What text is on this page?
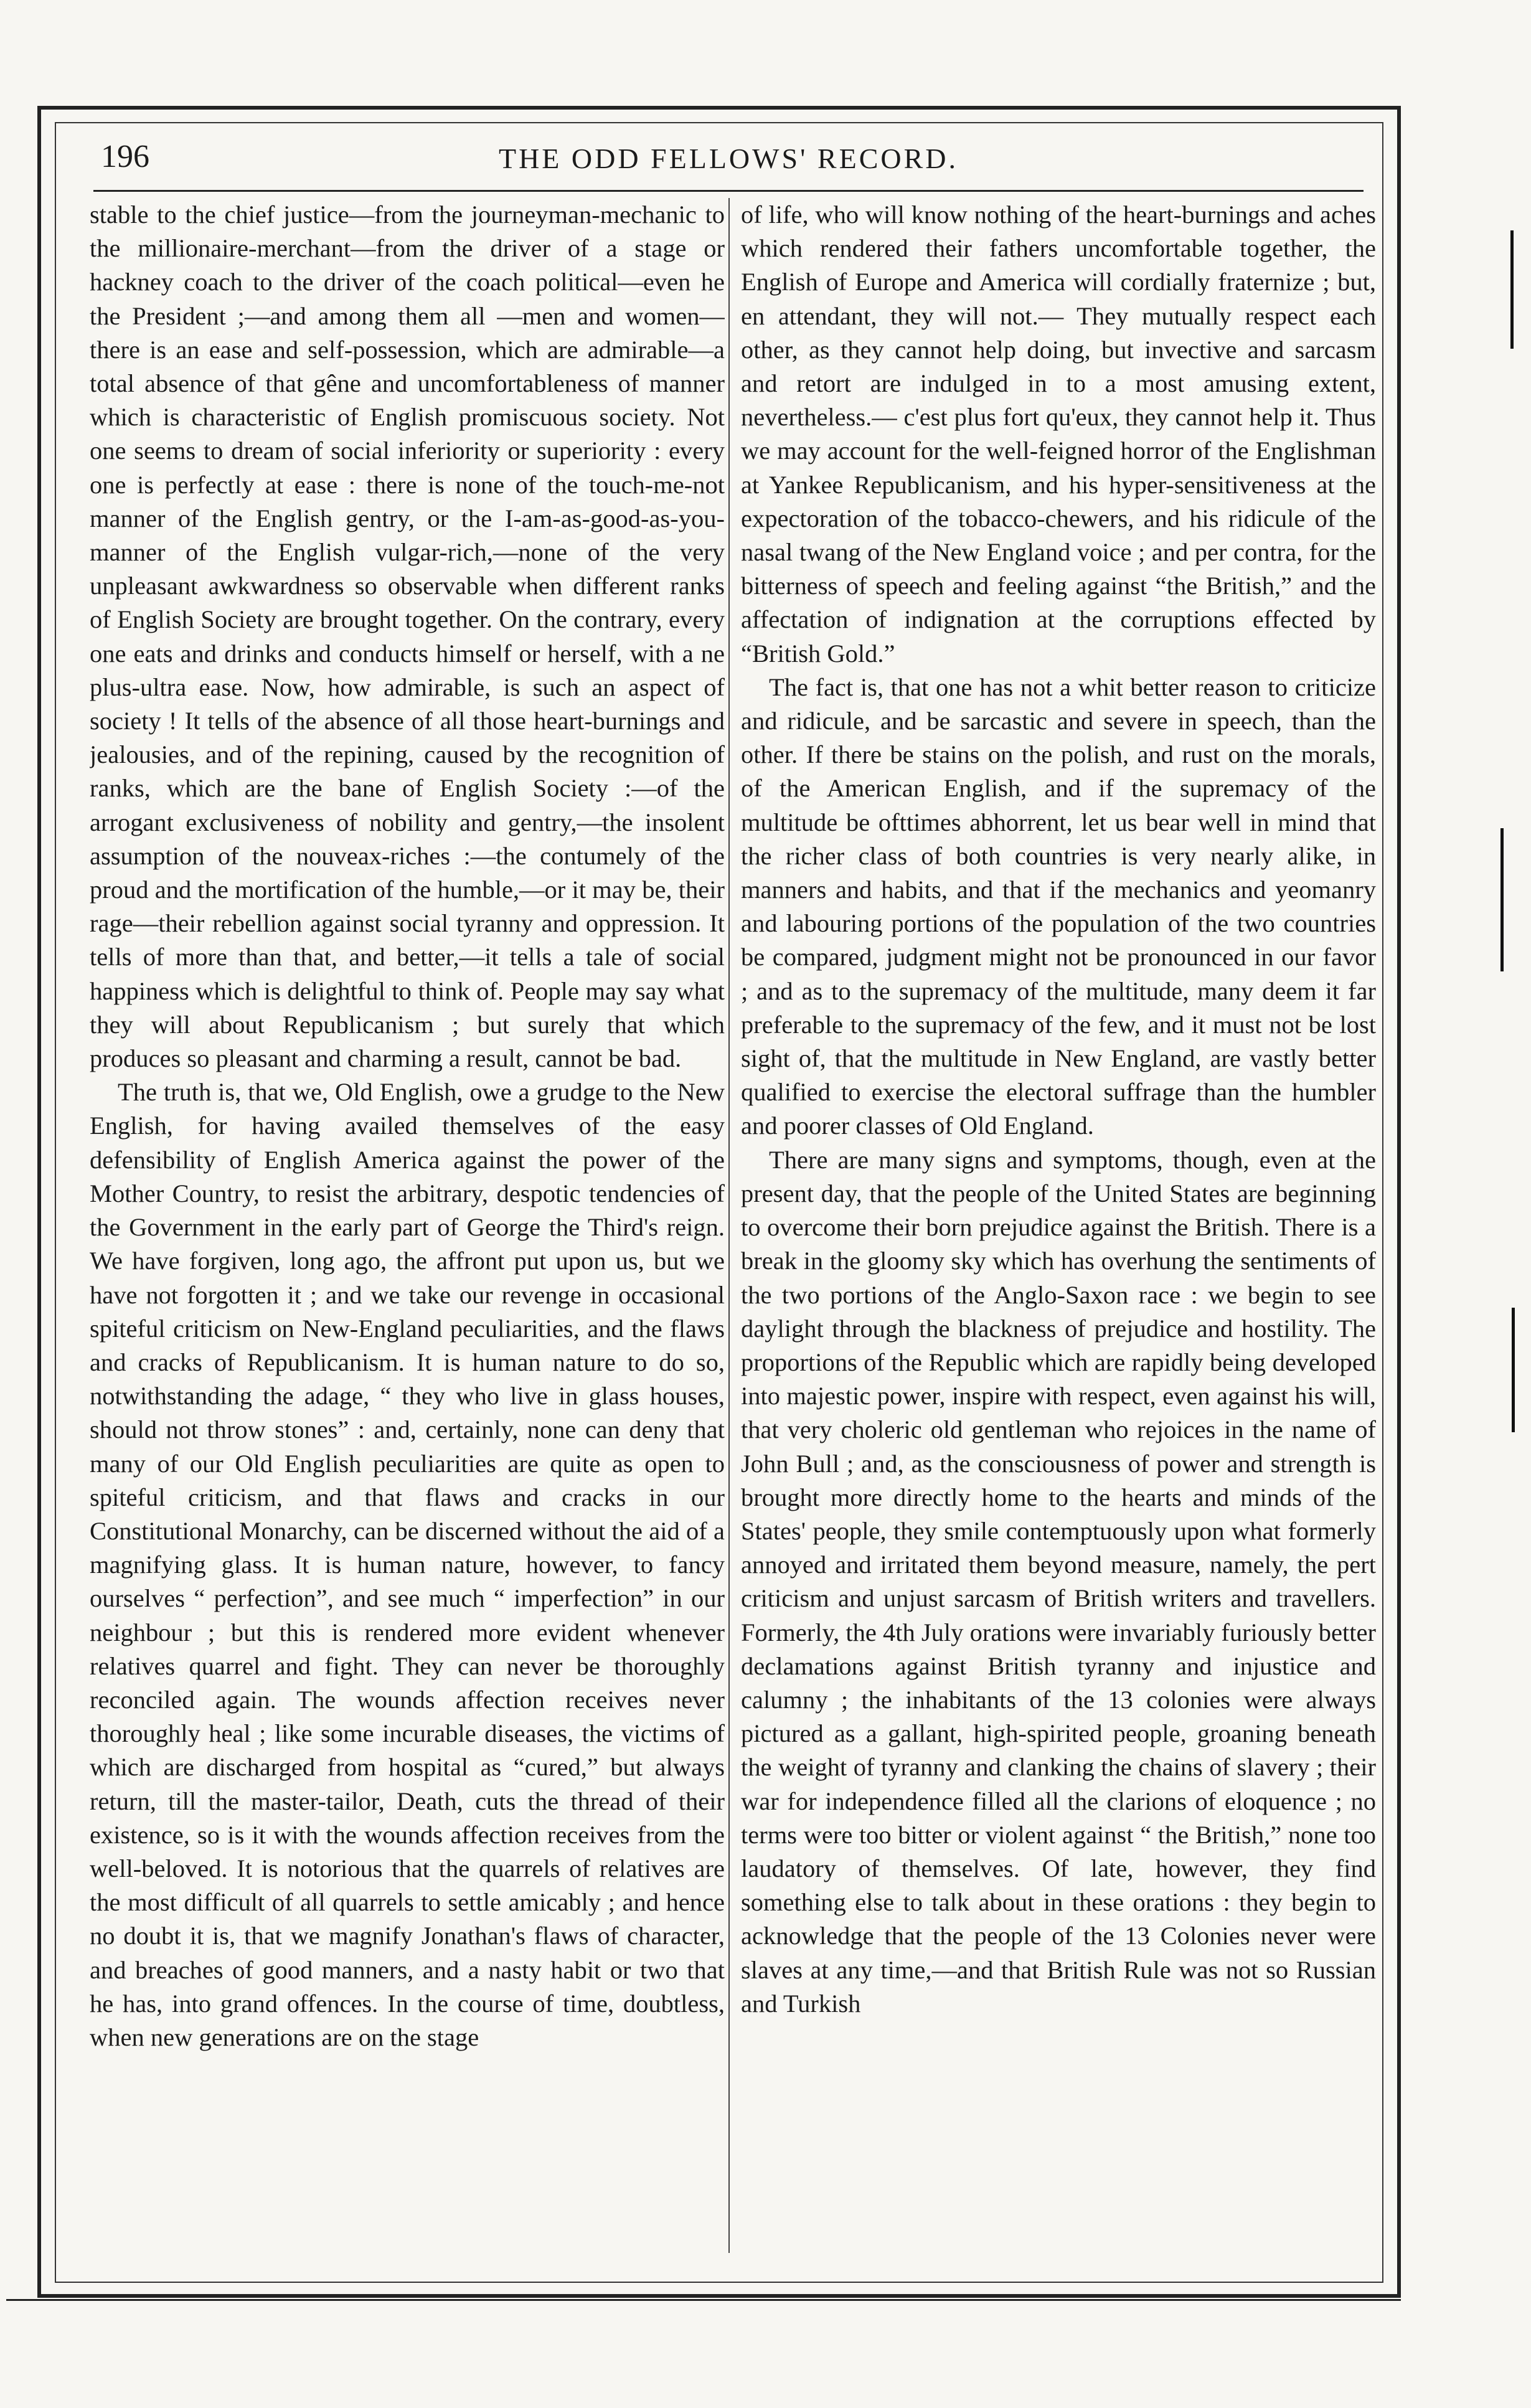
196	THE ODD FELLOWS' RECORD.

stable to the chief justice—from the journeyman-mechanic to the millionaire-merchant—from the driver of a stage or hackney coach to the driver of the coach political—even he the President ;—and among them all —men and women—there is an ease and self-possession, which are admirable—a total absence of that gêne and uncomfortableness of manner which is characteristic of English promiscuous society. Not one seems to dream of social inferiority or superiority : every one is perfectly at ease : there is none of the touch-me-not manner of the English gentry, or the I-am-as-good-as-you-manner of the English vulgar-rich,—none of the very unpleasant awkwardness so observable when different ranks of English Society are brought together. On the contrary, every one eats and drinks and conducts himself or herself, with a ne plus-ultra ease. Now, how admirable, is such an aspect of society ! It tells of the absence of all those heart-burnings and jealousies, and of the repining, caused by the recognition of ranks, which are the bane of English Society :—of the arrogant exclusiveness of nobility and gentry,—the insolent assumption of the nouveax-riches :—the contumely of the proud and the mortification of the humble,—or it may be, their rage—their rebellion against social tyranny and oppression. It tells of more than that, and better,—it tells a tale of social happiness which is delightful to think of. People may say what they will about Republicanism ; but surely that which produces so pleasant and charming a result, cannot be bad.

The truth is, that we, Old English, owe a grudge to the New English, for having availed themselves of the easy defensibility of English America against the power of the Mother Country, to resist the arbitrary, despotic tendencies of the Government in the early part of George the Third's reign. We have forgiven, long ago, the affront put upon us, but we have not forgotten it ; and we take our revenge in occasional spiteful criticism on New-England peculiarities, and the flaws and cracks of Republicanism. It is human nature to do so, notwithstanding the adage, “ they who live in glass houses, should not throw stones” : and, certainly, none can deny that many of our Old English peculiarities are quite as open to spiteful criticism, and that flaws and cracks in our Constitutional Monarchy, can be discerned without the aid of a magnifying glass. It is human nature, however, to fancy ourselves “ perfection”, and see much “ imperfection” in our neighbour ; but this is rendered more evident whenever relatives quarrel and fight. They can never be thoroughly reconciled again. The wounds affection receives never thoroughly heal ; like some incurable diseases, the victims of which are discharged from hospital as “cured,” but always return, till the master-tailor, Death, cuts the thread of their existence, so is it with the wounds affection receives from the well-beloved. It is notorious that the quarrels of relatives are the most difficult of all quarrels to settle amicably ; and hence no doubt it is, that we magnify Jonathan's flaws of character, and breaches of good manners, and a nasty habit or two that he has, into grand offences. In the course of time, doubtless, when new generations are on the stage

of life, who will know nothing of the heart-burnings and aches which rendered their fathers uncomfortable together, the English of Europe and America will cordially fraternize ; but, en attendant, they will not.— They mutually respect each other, as they cannot help doing, but invective and sarcasm and retort are indulged in to a most amusing extent, nevertheless.— c'est plus fort qu'eux, they cannot help it. Thus we may account for the well-feigned horror of the Englishman at Yankee Republicanism, and his hyper-sensitiveness at the expectoration of the tobacco-chewers, and his ridicule of the nasal twang of the New England voice ; and per contra, for the bitterness of speech and feeling against “the British,” and the affectation of indignation at the corruptions effected by “British Gold.”

The fact is, that one has not a whit better reason to criticize and ridicule, and be sarcastic and severe in speech, than the other. If there be stains on the polish, and rust on the morals, of the American English, and if the supremacy of the multitude be ofttimes abhorrent, let us bear well in mind that the richer class of both countries is very nearly alike, in manners and habits, and that if the mechanics and yeomanry and labouring portions of the population of the two countries be compared, judgment might not be pronounced in our favor ; and as to the supremacy of the multitude, many deem it far preferable to the supremacy of the few, and it must not be lost sight of, that the multitude in New England, are vastly better qualified to exercise the electoral suffrage than the humbler and poorer classes of Old England.

There are many signs and symptoms, though, even at the present day, that the people of the United States are beginning to overcome their born prejudice against the British. There is a break in the gloomy sky which has overhung the sentiments of the two portions of the Anglo-Saxon race : we begin to see daylight through the blackness of prejudice and hostility. The proportions of the Republic which are rapidly being developed into majestic power, inspire with respect, even against his will, that very choleric old gentleman who rejoices in the name of John Bull ; and, as the consciousness of power and strength is brought more directly home to the hearts and minds of the States' people, they smile contemptuously upon what formerly annoyed and irritated them beyond measure, namely, the pert criticism and unjust sarcasm of British writers and travellers. Formerly, the 4th July orations were invariably furiously better declamations against British tyranny and injustice and calumny ; the inhabitants of the 13 colonies were always pictured as a gallant, high-spirited people, groaning beneath the weight of tyranny and clanking the chains of slavery ; their war for independence filled all the clarions of eloquence ; no terms were too bitter or violent against “ the British,” none too laudatory of themselves. Of late, however, they find something else to talk about in these orations : they begin to acknowledge that the people of the 13 Colonies never were slaves at any time,—and that British Rule was not so Russian and Turkish
